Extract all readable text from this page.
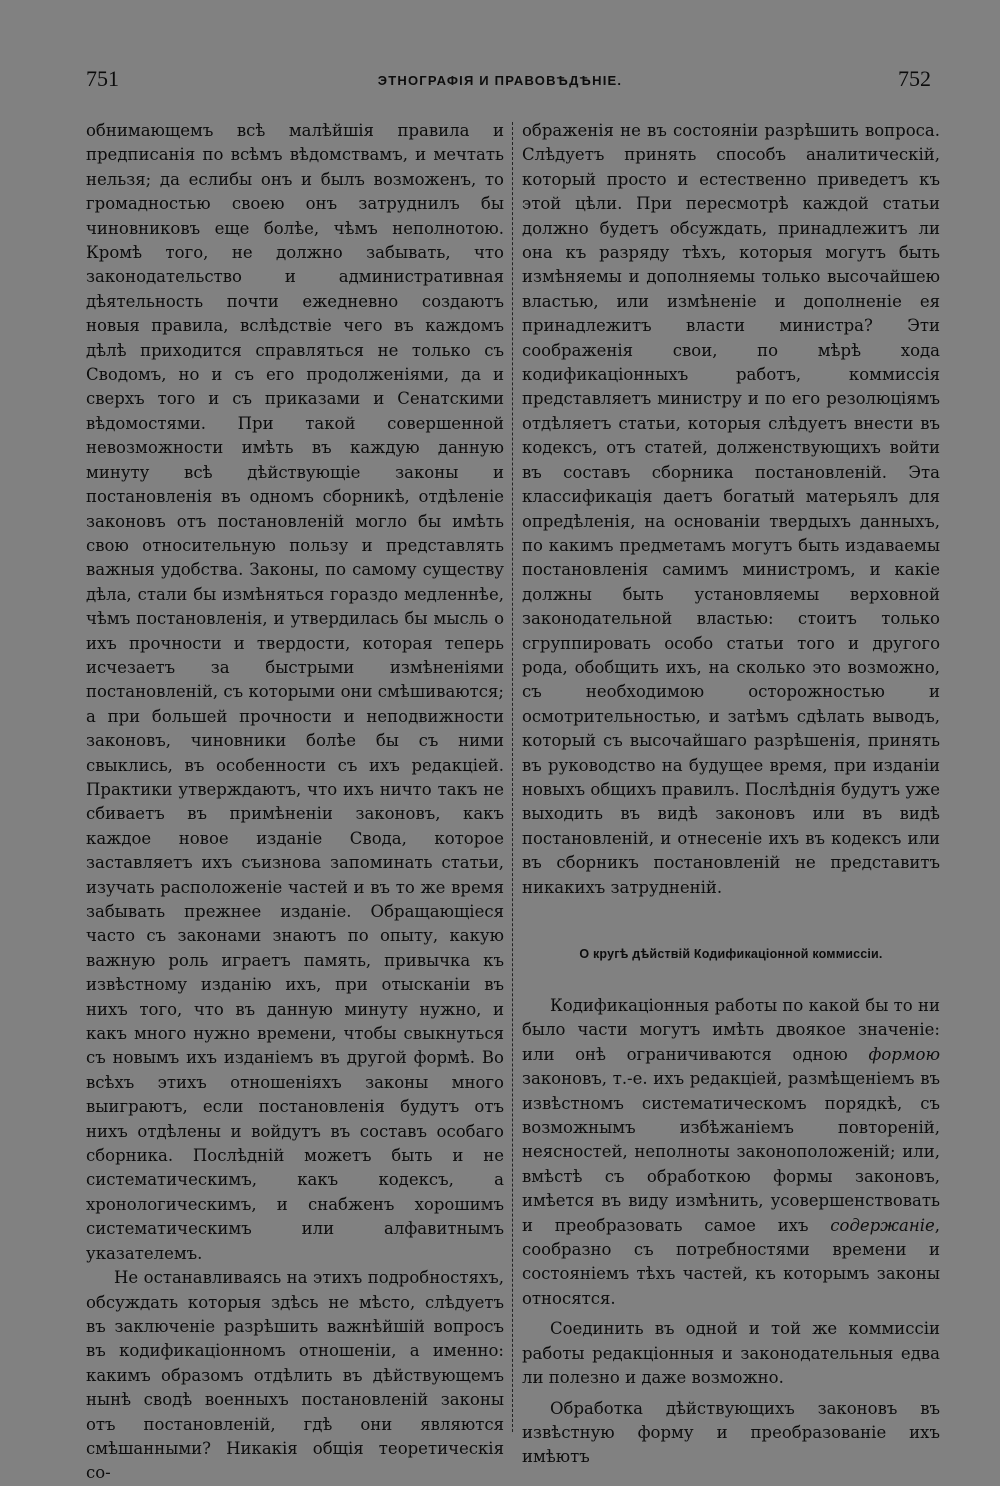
751	ЭТНОГРАФІЯ И ПРАВОВѢДѢНІЕ.	752

обнимающемъ всѣ малѣйшія правила и предписанія по всѣмъ вѣдомствамъ, и мечтать нельзя; да еслибы онъ и былъ возможенъ, то громадностью своею онъ затруднилъ бы чиновниковъ еще болѣе, чѣмъ неполнотою. Кромѣ того, не должно забывать, что законодательство и административная дѣятельность почти ежедневно создаютъ новыя правила, вслѣдствіе чего въ каждомъ дѣлѣ приходится справляться не только съ Сводомъ, но и съ его продолженіями, да и сверхъ того и съ приказами и Сенатскими вѣдомостями. При такой совершенной невозможности имѣть въ каждую данную минуту всѣ дѣйствующіе законы и постановленія въ одномъ сборникѣ, отдѣленіе законовъ отъ постановленій могло бы имѣть свою относительную пользу и представлять важныя удобства. Законы, по самому существу дѣла, стали бы измѣняться гораздо медленнѣе, чѣмъ постановленія, и утвердилась бы мысль о ихъ прочности и твердости, которая теперь исчезаетъ за быстрыми измѣненіями постановленій, съ которыми они смѣшиваются; а при большей прочности и неподвижности законовъ, чиновники болѣе бы съ ними свыклись, въ особенности съ ихъ редакціей. Практики утверждаютъ, что ихъ ничто такъ не сбиваетъ въ примѣненіи законовъ, какъ каждое новое изданіе Свода, которое заставляетъ ихъ съизнова запоминать статьи, изучать расположеніе частей и въ то же время забывать прежнее изданіе. Обращающіеся часто съ законами знаютъ по опыту, какую важную роль играетъ память, привычка къ извѣстному изданію ихъ, при отысканіи въ нихъ того, что въ данную минуту нужно, и какъ много нужно времени, чтобы свыкнуться съ новымъ ихъ изданіемъ въ другой формѣ. Во всѣхъ этихъ отношеніяхъ законы много выиграютъ, если постановленія будутъ отъ нихъ отдѣлены и войдутъ въ составъ особаго сборника. Послѣдній можетъ быть и не систематическимъ, какъ кодексъ, а хронологическимъ, и снабженъ хорошимъ систематическимъ или алфавитнымъ указателемъ.

Не останавливаясь на этихъ подробностяхъ, обсуждать которыя здѣсь не мѣсто, слѣдуетъ въ заключеніе разрѣшить важнѣйшій вопросъ въ кодификаціонномъ отношеніи, а именно: какимъ образомъ отдѣлить въ дѣйствующемъ нынѣ сводѣ военныхъ постановленій законы отъ постановленій, гдѣ они являются смѣшанными? Никакія общія теоретическія со-

ображенія не въ состояніи разрѣшить вопроса. Слѣдуетъ принять способъ аналитическій, который просто и естественно приведетъ къ этой цѣли. При пересмотрѣ каждой статьи должно будетъ обсуждать, принадлежитъ ли она къ разряду тѣхъ, которыя могутъ быть измѣняемы и дополняемы только высочайшею властью, или измѣненіе и дополненіе ея принадлежитъ власти министра? Эти соображенія свои, по мѣрѣ хода кодификаціонныхъ работъ, коммиссія представляетъ министру и по его резолюціямъ отдѣляетъ статьи, которыя слѣдуетъ внести въ кодексъ, отъ статей, долженствующихъ войти въ составъ сборника постановленій. Эта классификація даетъ богатый матерьялъ для опредѣленія, на основаніи твердыхъ данныхъ, по какимъ предметамъ могутъ быть издаваемы постановленія самимъ министромъ, и какіе должны быть установляемы верховной законодательной властью: стоитъ только сгруппировать особо статьи того и другого рода, обобщить ихъ, на сколько это возможно, съ необходимою осторожностью и осмотрительностью, и затѣмъ сдѣлать выводъ, который съ высочайшаго разрѣшенія, принять въ руководство на будущее время, при изданіи новыхъ общихъ правилъ. Послѣднія будутъ уже выходить въ видѣ законовъ или въ видѣ постановленій, и отнесеніе ихъ въ кодексъ или въ сборникъ постановленій не представитъ никакихъ затрудненій.

О кругѣ дѣйствій Кодификаціонной коммиссіи.

Кодификаціонныя работы по какой бы то ни было части могутъ имѣть двоякое значеніе: или онѣ ограничиваются одною формою законовъ, т.-е. ихъ редакціей, размѣщеніемъ въ извѣстномъ систематическомъ порядкѣ, съ возможнымъ избѣжаніемъ повтореній, неясностей, неполноты законоположеній; или, вмѣстѣ съ обработкою формы законовъ, имѣется въ виду измѣнить, усовершенствовать и преобразовать самое ихъ содержаніе, сообразно съ потребностями времени и состояніемъ тѣхъ частей, къ которымъ законы относятся.

Соединить въ одной и той же коммиссіи работы редакціонныя и законодательныя едва ли полезно и даже возможно.

Обработка дѣйствующихъ законовъ въ извѣстную форму и преобразованіе ихъ имѣютъ
